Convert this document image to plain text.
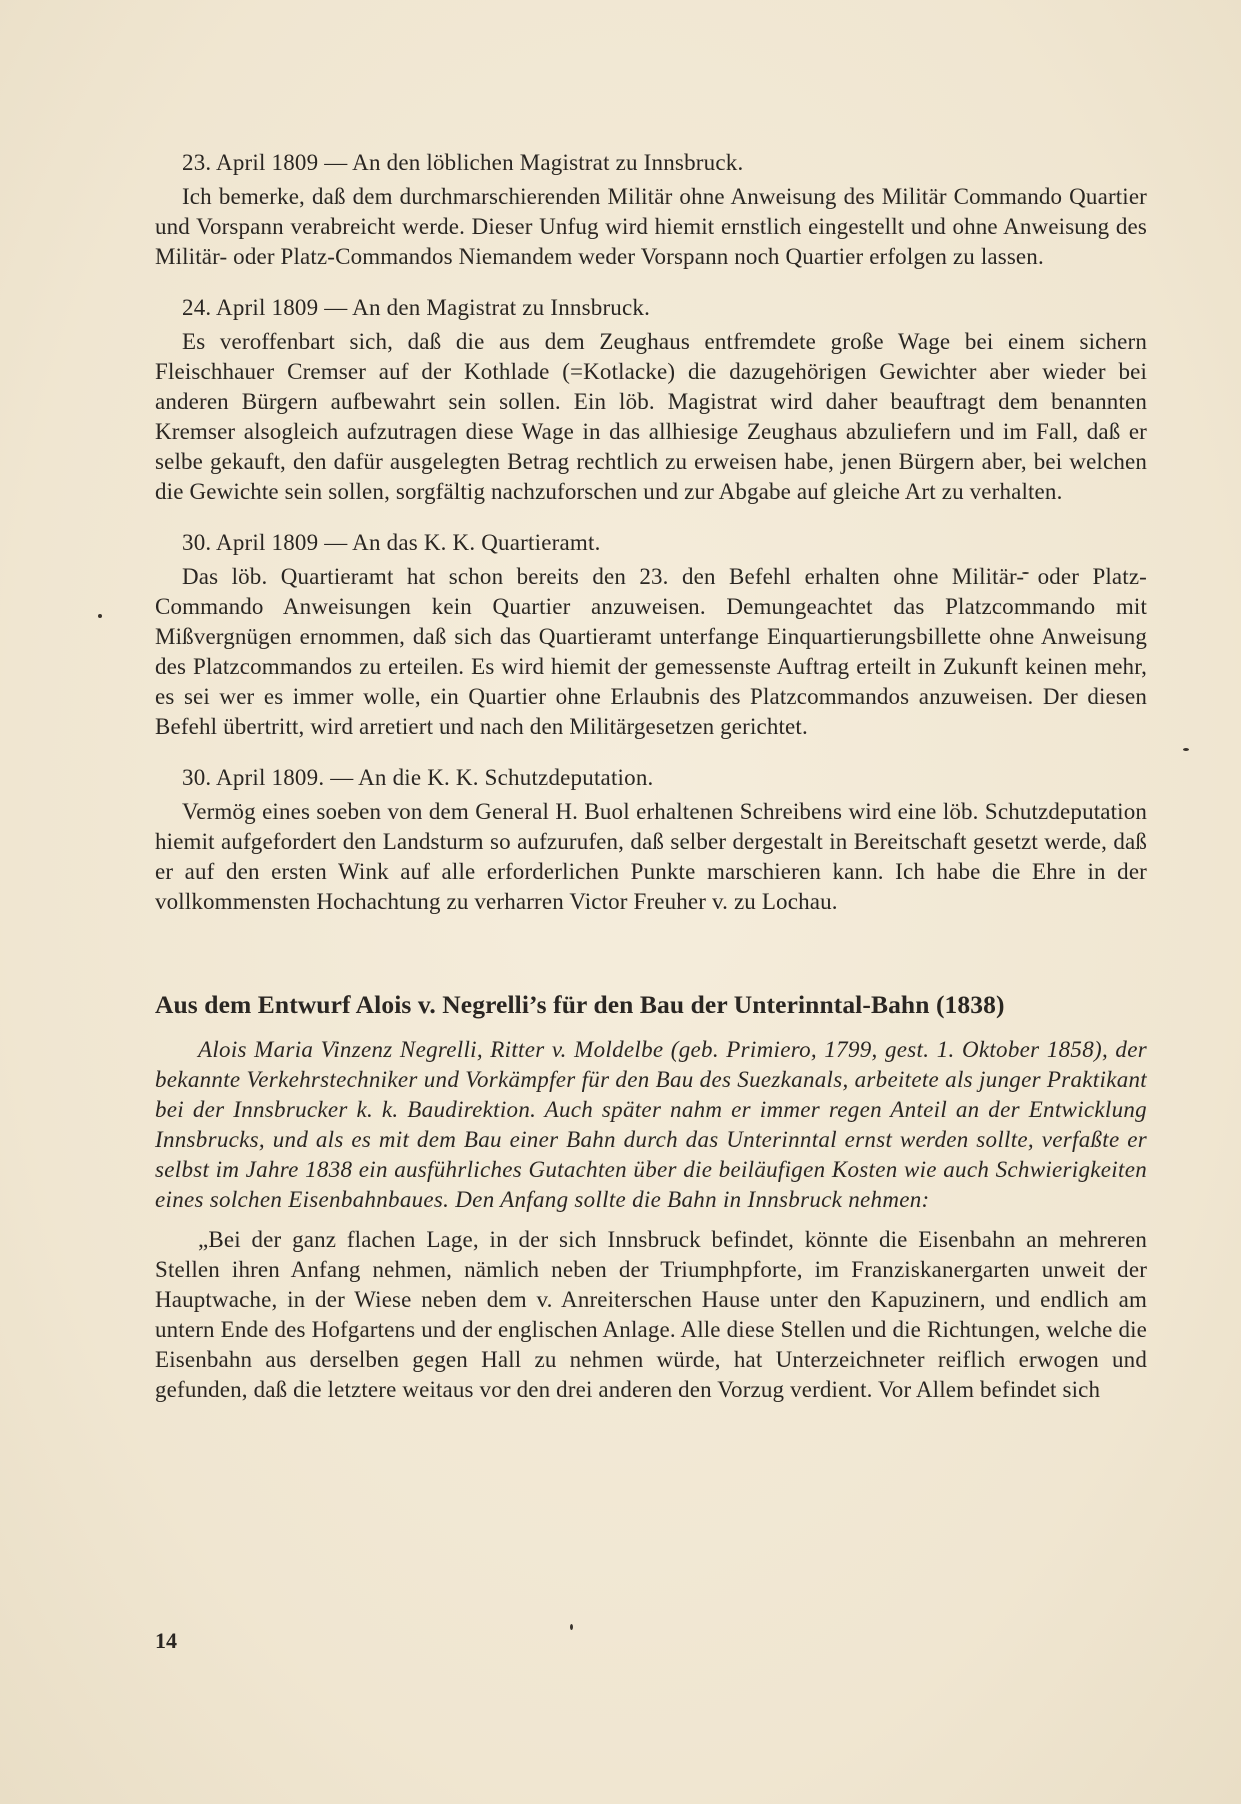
23. April 1809 — An den löblichen Magistrat zu Innsbruck.

Ich bemerke, daß dem durchmarschierenden Militär ohne Anweisung des Militär Commando Quartier und Vorspann verabreicht werde. Dieser Unfug wird hiemit ernstlich eingestellt und ohne Anweisung des Militär- oder Platz-Commandos Niemandem weder Vorspann noch Quartier erfolgen zu lassen.

24. April 1809 — An den Magistrat zu Innsbruck.

Es veroffenbart sich, daß die aus dem Zeughaus entfremdete große Wage bei einem sichern Fleischhauer Cremser auf der Kothlade (=Kotlacke) die dazugehörigen Gewichter aber wieder bei anderen Bürgern aufbewahrt sein sollen. Ein löb. Magistrat wird daher beauftragt dem benannten Kremser alsogleich aufzutragen diese Wage in das allhiesige Zeughaus abzuliefern und im Fall, daß er selbe gekauft, den dafür ausgelegten Betrag rechtlich zu erweisen habe, jenen Bürgern aber, bei welchen die Gewichte sein sollen, sorgfältig nachzuforschen und zur Abgabe auf gleiche Art zu verhalten.

30. April 1809 — An das K. K. Quartieramt.

Das löb. Quartieramt hat schon bereits den 23. den Befehl erhalten ohne Militär- oder Platz-Commando Anweisungen kein Quartier anzuweisen. Demungeachtet das Platzcommando mit Mißvergnügen ernommen, daß sich das Quartieramt unterfange Einquartierungsbillette ohne Anweisung des Platzcommandos zu erteilen. Es wird hiemit der gemessenste Auftrag erteilt in Zukunft keinen mehr, es sei wer es immer wolle, ein Quartier ohne Erlaubnis des Platzcommandos anzuweisen. Der diesen Befehl übertritt, wird arretiert und nach den Militärgesetzen gerichtet.

30. April 1809. — An die K. K. Schutzdeputation.

Vermög eines soeben von dem General H. Buol erhaltenen Schreibens wird eine löb. Schutzdeputation hiemit aufgefordert den Landsturm so aufzurufen, daß selber dergestalt in Bereitschaft gesetzt werde, daß er auf den ersten Wink auf alle erforderlichen Punkte marschieren kann. Ich habe die Ehre in der vollkommensten Hochachtung zu verharren Victor Freuher v. zu Lochau.

Aus dem Entwurf Alois v. Negrelli’s für den Bau der Unterinntal-Bahn (1838)

Alois Maria Vinzenz Negrelli, Ritter v. Moldelbe (geb. Primiero, 1799, gest. 1. Oktober 1858), der bekannte Verkehrstechniker und Vorkämpfer für den Bau des Suezkanals, arbeitete als junger Praktikant bei der Innsbrucker k. k. Baudirektion. Auch später nahm er immer regen Anteil an der Entwicklung Innsbrucks, und als es mit dem Bau einer Bahn durch das Unterinntal ernst werden sollte, verfaßte er selbst im Jahre 1838 ein ausführliches Gutachten über die beiläufigen Kosten wie auch Schwierigkeiten eines solchen Eisenbahnbaues. Den Anfang sollte die Bahn in Innsbruck nehmen:

„Bei der ganz flachen Lage, in der sich Innsbruck befindet, könnte die Eisenbahn an mehreren Stellen ihren Anfang nehmen, nämlich neben der Triumphpforte, im Franziskanergarten unweit der Hauptwache, in der Wiese neben dem v. Anreiterschen Hause unter den Kapuzinern, und endlich am untern Ende des Hofgartens und der englischen Anlage. Alle diese Stellen und die Richtungen, welche die Eisenbahn aus derselben gegen Hall zu nehmen würde, hat Unterzeichneter reiflich erwogen und gefunden, daß die letztere weitaus vor den drei anderen den Vorzug verdient. Vor Allem befindet sich

14
